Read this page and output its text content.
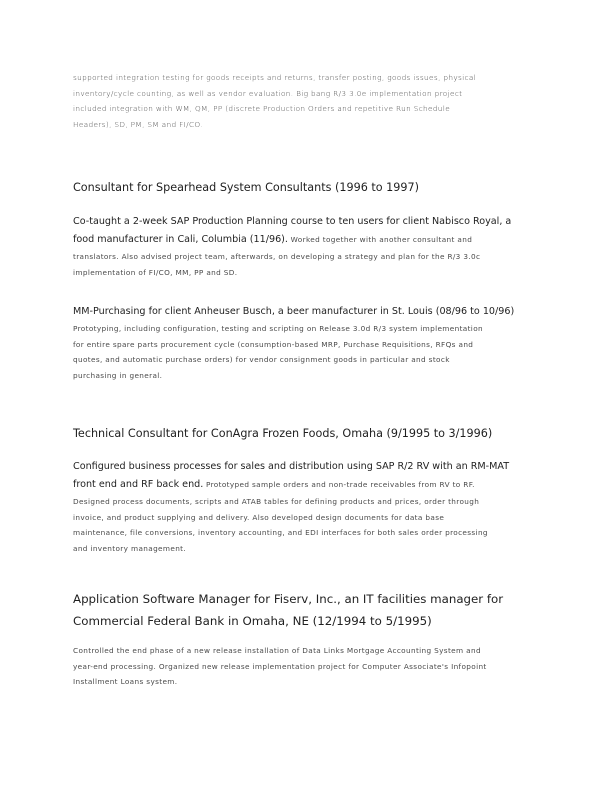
supported integration testing for goods receipts and returns, transfer posting, goods issues, physical
inventory/cycle counting, as well as vendor evaluation. Big bang R/3 3.0e implementation project
included integration with WM, QM, PP (discrete Production Orders and repetitive Run Schedule
Headers), SD, PM, SM and FI/CO.
Consultant for Spearhead System Consultants (1996 to 1997)
Co-taught a 2-week SAP Production Planning course to ten users for client Nabisco Royal, a
food manufacturer in Cali, Columbia (11/96). Worked together with another consultant and
translators. Also advised project team, afterwards, on developing a strategy and plan for the R/3 3.0c
implementation of FI/CO, MM, PP and SD.
MM-Purchasing for client Anheuser Busch, a beer manufacturer in St. Louis (08/96 to 10/96)
Prototyping, including configuration, testing and scripting on Release 3.0d R/3 system implementation
for entire spare parts procurement cycle (consumption-based MRP, Purchase Requisitions, RFQs and
quotes, and automatic purchase orders) for vendor consignment goods in particular and stock
purchasing in general.
Technical Consultant for ConAgra Frozen Foods, Omaha (9/1995 to 3/1996)
Configured business processes for sales and distribution using SAP R/2 RV with an RM-MAT
front end and RF back end. Prototyped sample orders and non-trade receivables from RV to RF.
Designed process documents, scripts and ATAB tables for defining products and prices, order through
invoice, and product supplying and delivery. Also developed design documents for data base
maintenance, file conversions, inventory accounting, and EDI interfaces for both sales order processing
and inventory management.
Application Software Manager for Fiserv, Inc., an IT facilities manager for
Commercial Federal Bank in Omaha, NE (12/1994 to 5/1995)
Controlled the end phase of a new release installation of Data Links Mortgage Accounting System and
year-end processing. Organized new release implementation project for Computer Associate's Infopoint
Installment Loans system.
